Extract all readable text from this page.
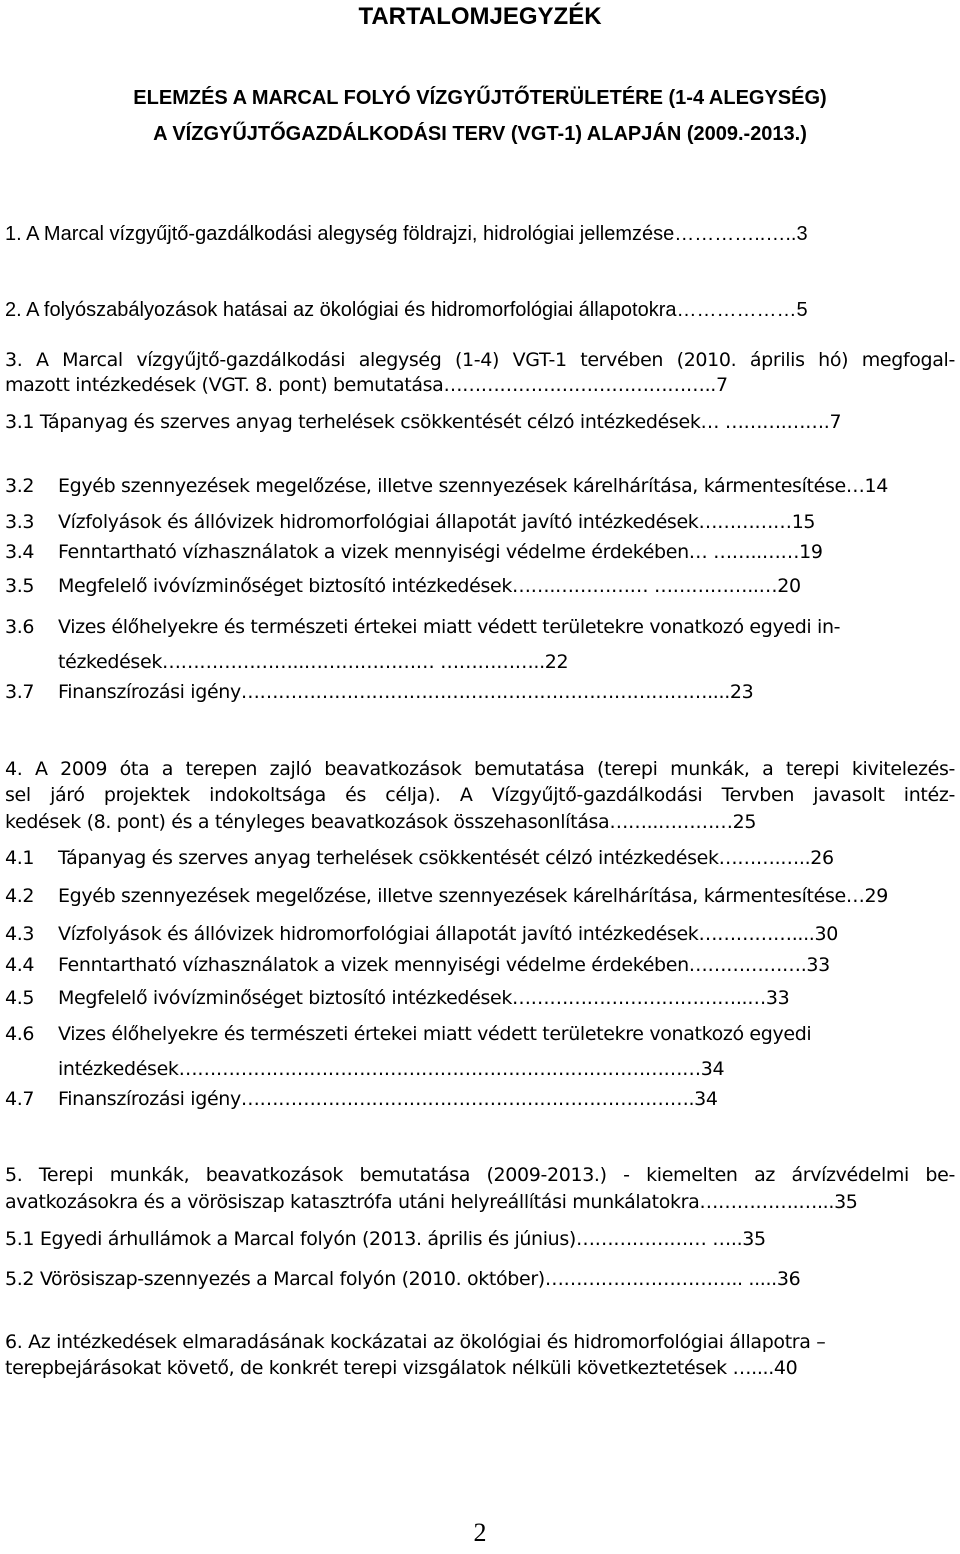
TARTALOMJEGYZÉK
ELEMZÉS A MARCAL FOLYÓ VÍZGYŰJTŐTERÜLETÉRE (1-4 ALEGYSÉG)
A VÍZGYŰJTŐGAZDÁLKODÁSI TERV (VGT-1) ALAPJÁN (2009.-2013.)
1. A Marcal vízgyűjtő-gazdálkodási alegység földrajzi, hidrológiai jellemzése…………..…..3
2. A folyószabályozások hatásai az ökológiai és hidromorfológiai állapotokra………………5
3. A Marcal vízgyűjtő-gazdálkodási alegység (1-4) VGT-1 tervében (2010. április hó) megfogal-
mazott intézkedések (VGT. 8. pont) bemutatása……………………………………..7
3.1 Tápanyag és szerves anyag terhelések csökkentését célzó intézkedések… ……….…….7
3.2 Egyéb szennyezések megelőzése, illetve szennyezések kárelhárítása, kármentesítése…14
3.3 Vízfolyások és állóvizek hidromorfológiai állapotát javító intézkedések……………15
3.4 Fenntartható vízhasználatok a vizek mennyiségi védelme érdekében… ……..……19
3.5 Megfelelő ivóvízminőséget biztosító intézkedések…….…………… ……………..…20
3.6 Vizes élőhelyekre és természeti értekei miatt védett területekre vonatkozó egyedi in-
tézkedések…………………..………………… ……………..22
3.7 Finanszírozási igény…………………………………………………………………....23
4. A 2009 óta a terepen zajló beavatkozások bemutatása (terepi munkák, a terepi kivitelezés-
sel járó projektek indokoltsága és célja). A Vízgyűjtő-gazdálkodási Tervben javasolt intéz-
kedések (8. pont) és a tényleges beavatkozások összehasonlítása……..…………25
4.1 Tápanyag és szerves anyag terhelések csökkentését célzó intézkedések……….…..26
4.2 Egyéb szennyezések megelőzése, illetve szennyezések kárelhárítása, kármentesítése…29
4.3 Vízfolyások és állóvizek hidromorfológiai állapotát javító intézkedések……………....30
4.4 Fenntartható vízhasználatok a vizek mennyiségi védelme érdekében……………….33
4.5 Megfelelő ivóvízminőséget biztosító intézkedések………………………………..…33
4.6 Vizes élőhelyekre és természeti értekei miatt védett területekre vonatkozó egyedi
intézkedések…………………………………………………………………………34
4.7 Finanszírozási igény……………………………………………………………….34
5. Terepi munkák, beavatkozások bemutatása (2009-2013.) - kiemelten az árvízvédelmi be-
avatkozásokra és a vörösiszap katasztrófa utáni helyreállítási munkálatokra…………….…...35
5.1 Egyedi árhullámok a Marcal folyón (2013. április és június)………………… …..35
5.2 Vörösiszap-szennyezés a Marcal folyón (2010. október)………………………….. .....36
6. Az intézkedések elmaradásának kockázatai az ökológiai és hidromorfológiai állapotra –
terepbejárásokat követő, de konkrét terepi vizsgálatok nélküli következtetések …....40
2
